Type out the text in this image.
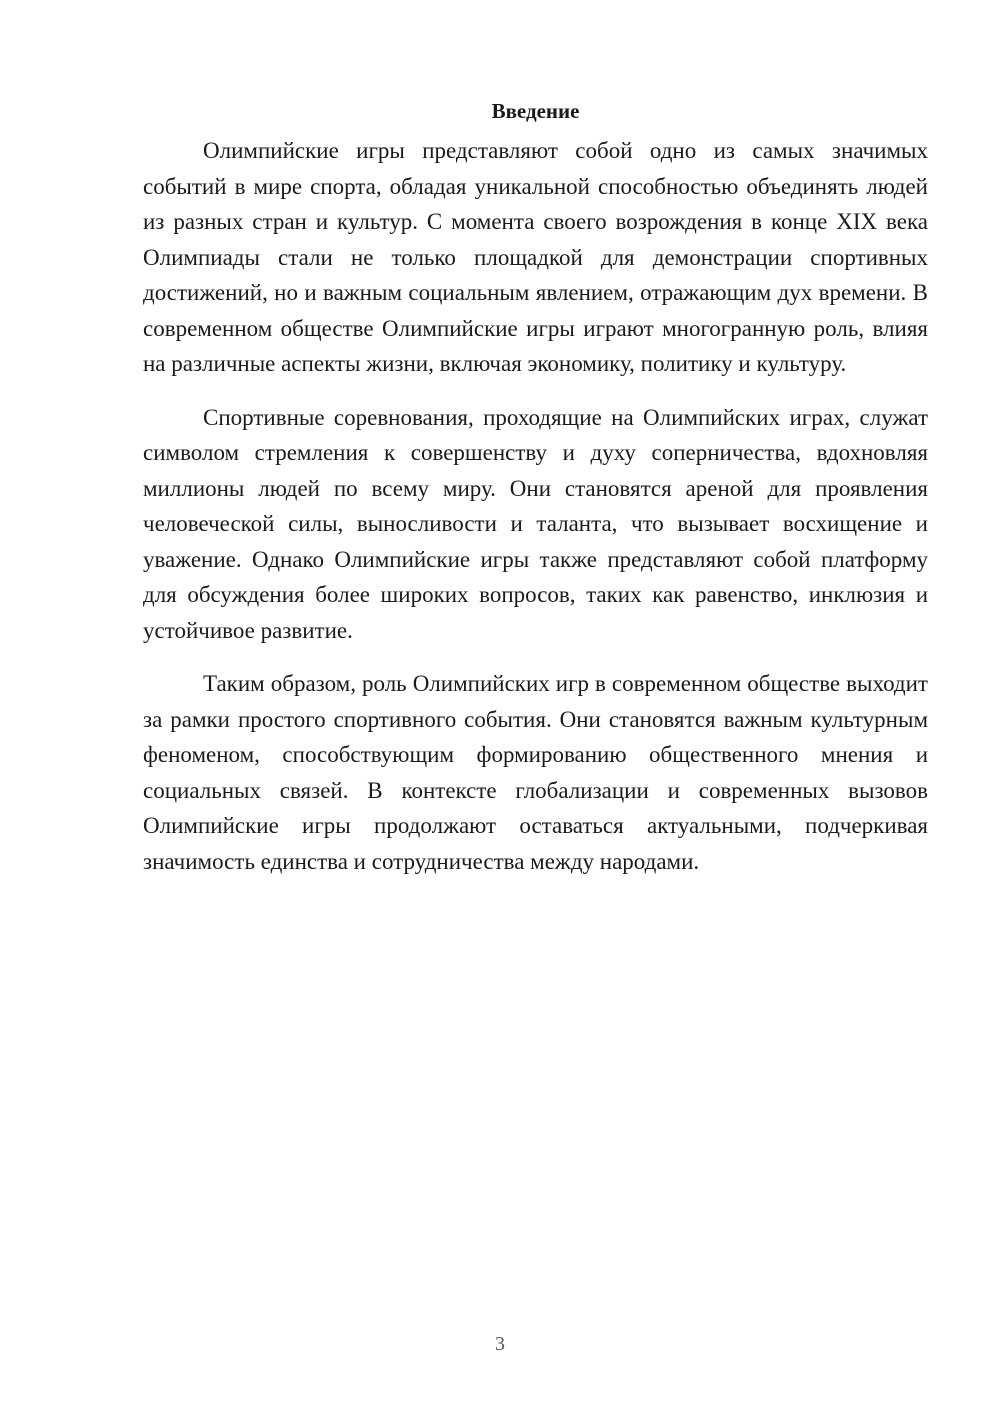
Введение

Олимпийские игры представляют собой одно из самых значимых событий в мире спорта, обладая уникальной способностью объединять людей из разных стран и культур. С момента своего возрождения в конце XIX века Олимпиады стали не только площадкой для демонстрации спортивных достижений, но и важным социальным явлением, отражающим дух времени. В современном обществе Олимпийские игры играют многогранную роль, влияя на различные аспекты жизни, включая экономику, политику и культуру.

Спортивные соревнования, проходящие на Олимпийских играх, служат символом стремления к совершенству и духу соперничества, вдохновляя миллионы людей по всему миру. Они становятся ареной для проявления человеческой силы, выносливости и таланта, что вызывает восхищение и уважение. Однако Олимпийские игры также представляют собой платформу для обсуждения более широких вопросов, таких как равенство, инклюзия и устойчивое развитие.

Таким образом, роль Олимпийских игр в современном обществе выходит за рамки простого спортивного события. Они становятся важным культурным феноменом, способствующим формированию общественного мнения и социальных связей. В контексте глобализации и современных вызовов Олимпийские игры продолжают оставаться актуальными, подчеркивая значимость единства и сотрудничества между народами.

3
